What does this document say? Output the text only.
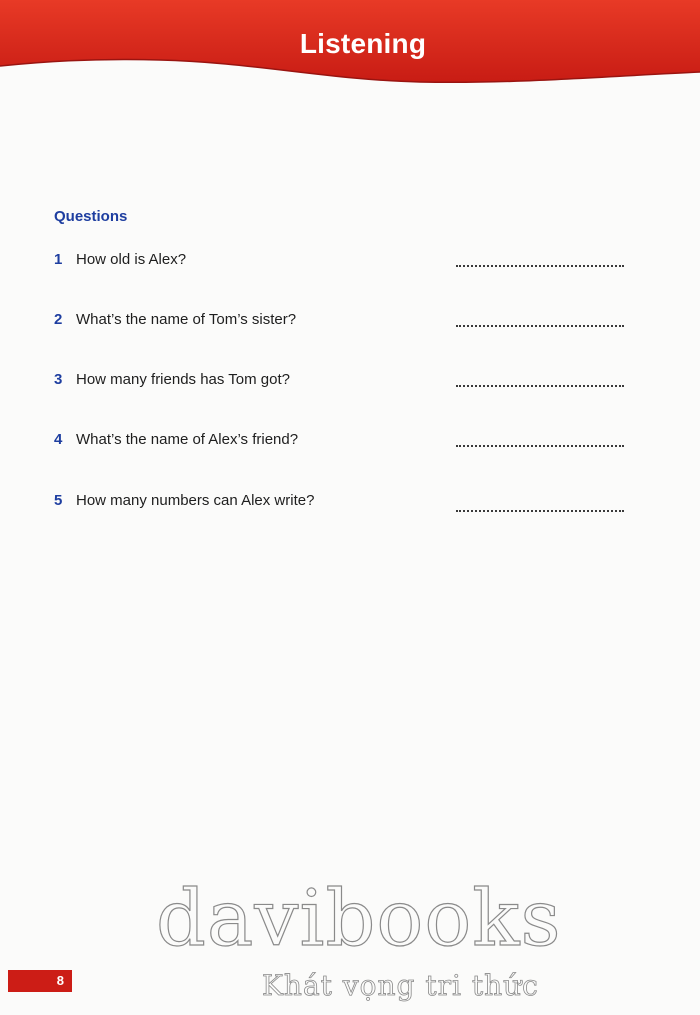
Listening
Questions
1 How old is Alex?
2 What’s the name of Tom’s sister?
3 How many friends has Tom got?
4 What’s the name of Alex’s friend?
5 How many numbers can Alex write?
davibooks
Khát vọng tri thức
8
